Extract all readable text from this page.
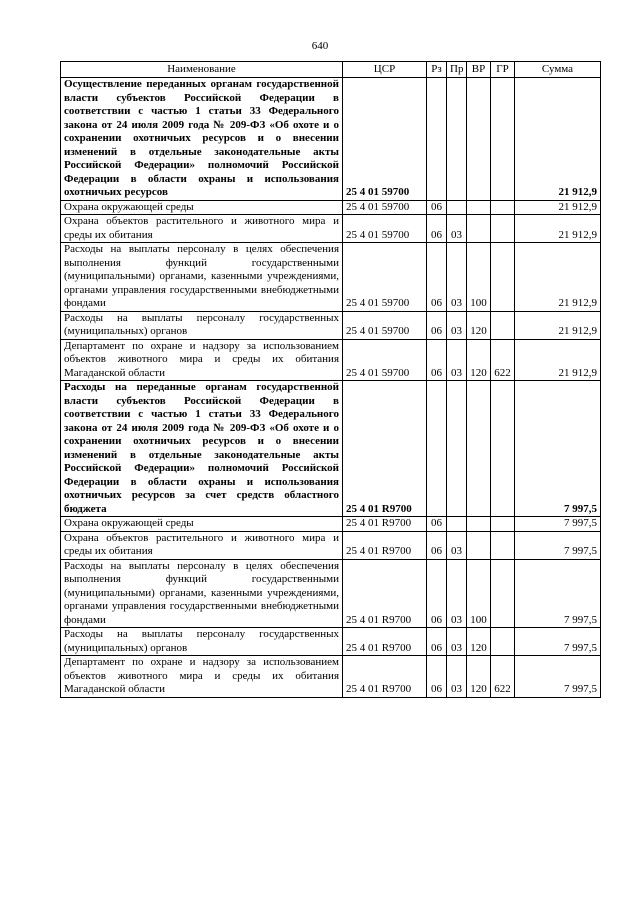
640
Наименование	ЦСР	Рз	Пр	ВР	ГР	Сумма
Осуществление переданных органам государственной власти субъектов Российской Федерации в соответствии с частью 1 статьи 33 Федерального закона от 24 июля 2009 года № 209-ФЗ «Об охоте и о сохранении охотничьих ресурсов и о внесении изменений в отдельные законодательные акты Российской Федерации» полномочий Российской Федерации в области охраны и использования охотничьих ресурсов	25 4 01 59700					21 912,9
Охрана окружающей среды	25 4 01 59700	06				21 912,9
Охрана объектов растительного и животного мира и среды их обитания	25 4 01 59700	06	03			21 912,9
Расходы на выплаты персоналу в целях обеспечения выполнения функций государственными (муниципальными) органами, казенными учреждениями, органами управления государственными внебюджетными фондами	25 4 01 59700	06	03	100		21 912,9
Расходы на выплаты персоналу государственных (муниципальных) органов	25 4 01 59700	06	03	120		21 912,9
Департамент по охране и надзору за использованием объектов животного мира и среды их обитания Магаданской области	25 4 01 59700	06	03	120	622	21 912,9
Расходы на переданные органам государственной власти субъектов Российской Федерации в соответствии с частью 1 статьи 33 Федерального закона от 24 июля 2009 года № 209-ФЗ «Об охоте и о сохранении охотничьих ресурсов и о внесении изменений в отдельные законодательные акты Российской Федерации» полномочий Российской Федерации в области охраны и использования охотничьих ресурсов за счет средств областного бюджета	25 4 01 R9700					7 997,5
Охрана окружающей среды	25 4 01 R9700	06				7 997,5
Охрана объектов растительного и животного мира и среды их обитания	25 4 01 R9700	06	03			7 997,5
Расходы на выплаты персоналу в целях обеспечения выполнения функций государственными (муниципальными) органами, казенными учреждениями, органами управления государственными внебюджетными фондами	25 4 01 R9700	06	03	100		7 997,5
Расходы на выплаты персоналу государственных (муниципальных) органов	25 4 01 R9700	06	03	120		7 997,5
Департамент по охране и надзору за использованием объектов животного мира и среды их обитания Магаданской области	25 4 01 R9700	06	03	120	622	7 997,5
